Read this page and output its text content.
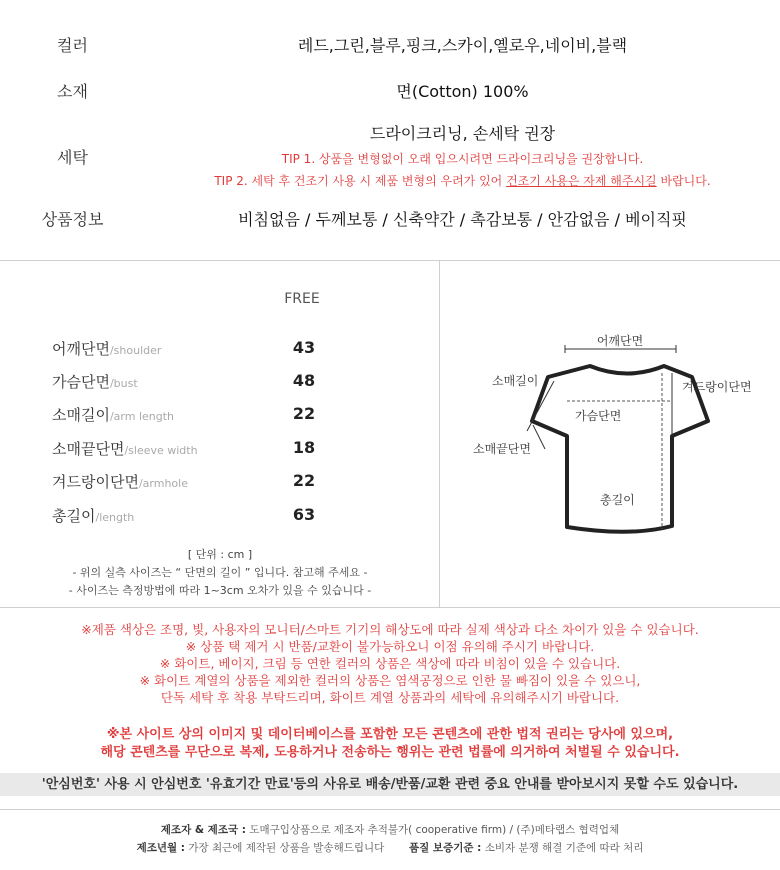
컬러	레드,그린,블루,핑크,스카이,옐로우,네이비,블랙
소재	면(Cotton) 100%
세탁
드라이크리닝, 손세탁 권장
TIP 1. 상품을 변형없이 오래 입으시려면 드라이크리닝을 권장합니다.
TIP 2. 세탁 후 건조기 사용 시 제품 변형의 우려가 있어 건조기 사용은 자제 해주시길 바랍니다.
상품정보	비침없음 / 두께보통 / 신축약간 / 촉감보통 / 안감없음 / 베이직핏
FREE
어깨단면/shoulder	43
가슴단면/bust	48
소매길이/arm length	22
소매끝단면/sleeve width	18
겨드랑이단면/armhole	22
총길이/length	63
[ 단위 : cm ]
- 위의 실측 사이즈는 “ 단면의 길이 ” 입니다. 참고해 주세요 -
- 사이즈는 측정방법에 따라 1~3cm 오차가 있을 수 있습니다 -
어깨단면
소매길이	겨드랑이단면
가슴단면
소매끝단면
총길이
※제품 색상은 조명, 빛, 사용자의 모니터/스마트 기기의 해상도에 따라 실제 색상과 다소 차이가 있을 수 있습니다.
※ 상품 택 제거 시 반품/교환이 불가능하오니 이점 유의해 주시기 바랍니다.
※ 화이트, 베이지, 크림 등 연한 컬러의 상품은 색상에 따라 비침이 있을 수 있습니다.
※ 화이트 계열의 상품을 제외한 컬러의 상품은 염색공정으로 인한 물 빠짐이 있을 수 있으니,
단독 세탁 후 착용 부탁드리며, 화이트 계열 상품과의 세탁에 유의해주시기 바랍니다.
※본 사이트 상의 이미지 및 데이터베이스를 포함한 모든 콘텐츠에 관한 법적 권리는 당사에 있으며,
해당 콘텐츠를 무단으로 복제, 도용하거나 전송하는 행위는 관련 법률에 의거하여 처벌될 수 있습니다.
'안심번호' 사용 시 안심번호 '유효기간 만료'등의 사유로 배송/반품/교환 관련 중요 안내를 받아보시지 못할 수도 있습니다.
제조자 & 제조국 : 도매구입상품으로 제조자 추적불가( cooperative firm) / (주)메타랩스 협력업체
제조년월 : 가장 최근에 제작된 상품을 발송해드립니다 품질 보증기준 : 소비자 분쟁 해결 기준에 따라 처리
